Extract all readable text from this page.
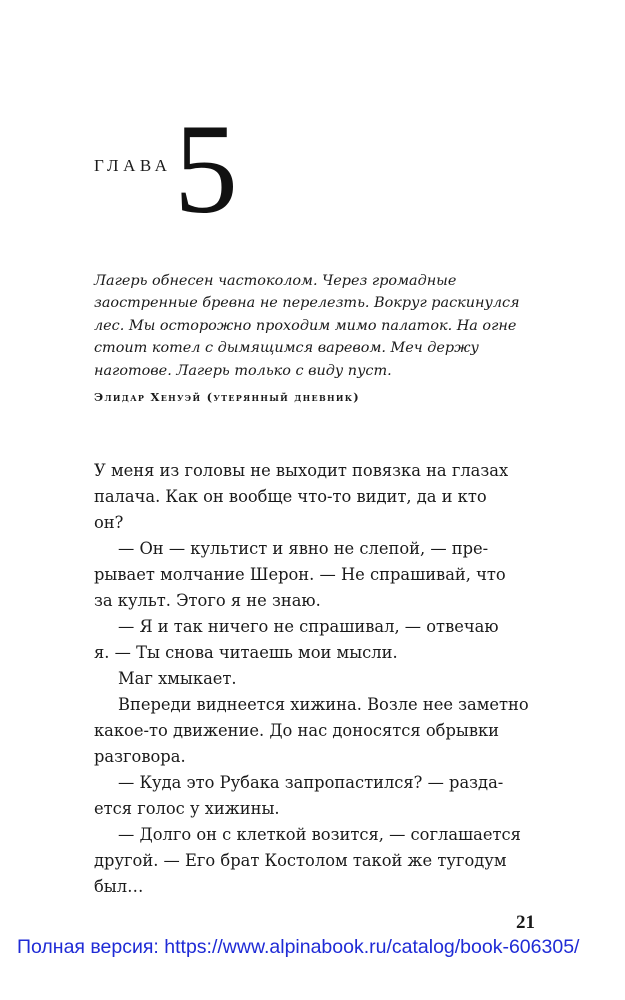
ГЛАВА 5

Лагерь обнесен частоколом. Через громадные

заостренные бревна не перелезть. Вокруг раскинулся

лес. Мы осторожно проходим мимо палаток. На огне

стоит котел с дымящимся варевом. Меч держу

наготове. Лагерь только с виду пуст.

Элидар Хенуэй (утерянный дневник)
У меня из головы не выходит повязка на глазах
палача. Как он вообще что-то видит, да и кто
он?
— Он — культист и явно не слепой, — пре-
рывает молчание Шерон. — Не спрашивай, что
за культ. Этого я не знаю.
— Я и так ничего не спрашивал, — отвечаю
я. — Ты снова читаешь мои мысли.
Маг хмыкает.
Впереди виднеется хижина. Возле нее заметно
какое-то движение. До нас доносятся обрывки
разговора.
— Куда это Рубака запропастился? — разда-
ется голос у хижины.
— Долго он с клеткой возится, — соглашается
другой. — Его брат Костолом такой же тугодум
был…
21
Полная версия: https://www.alpinabook.ru/catalog/book-606305/
